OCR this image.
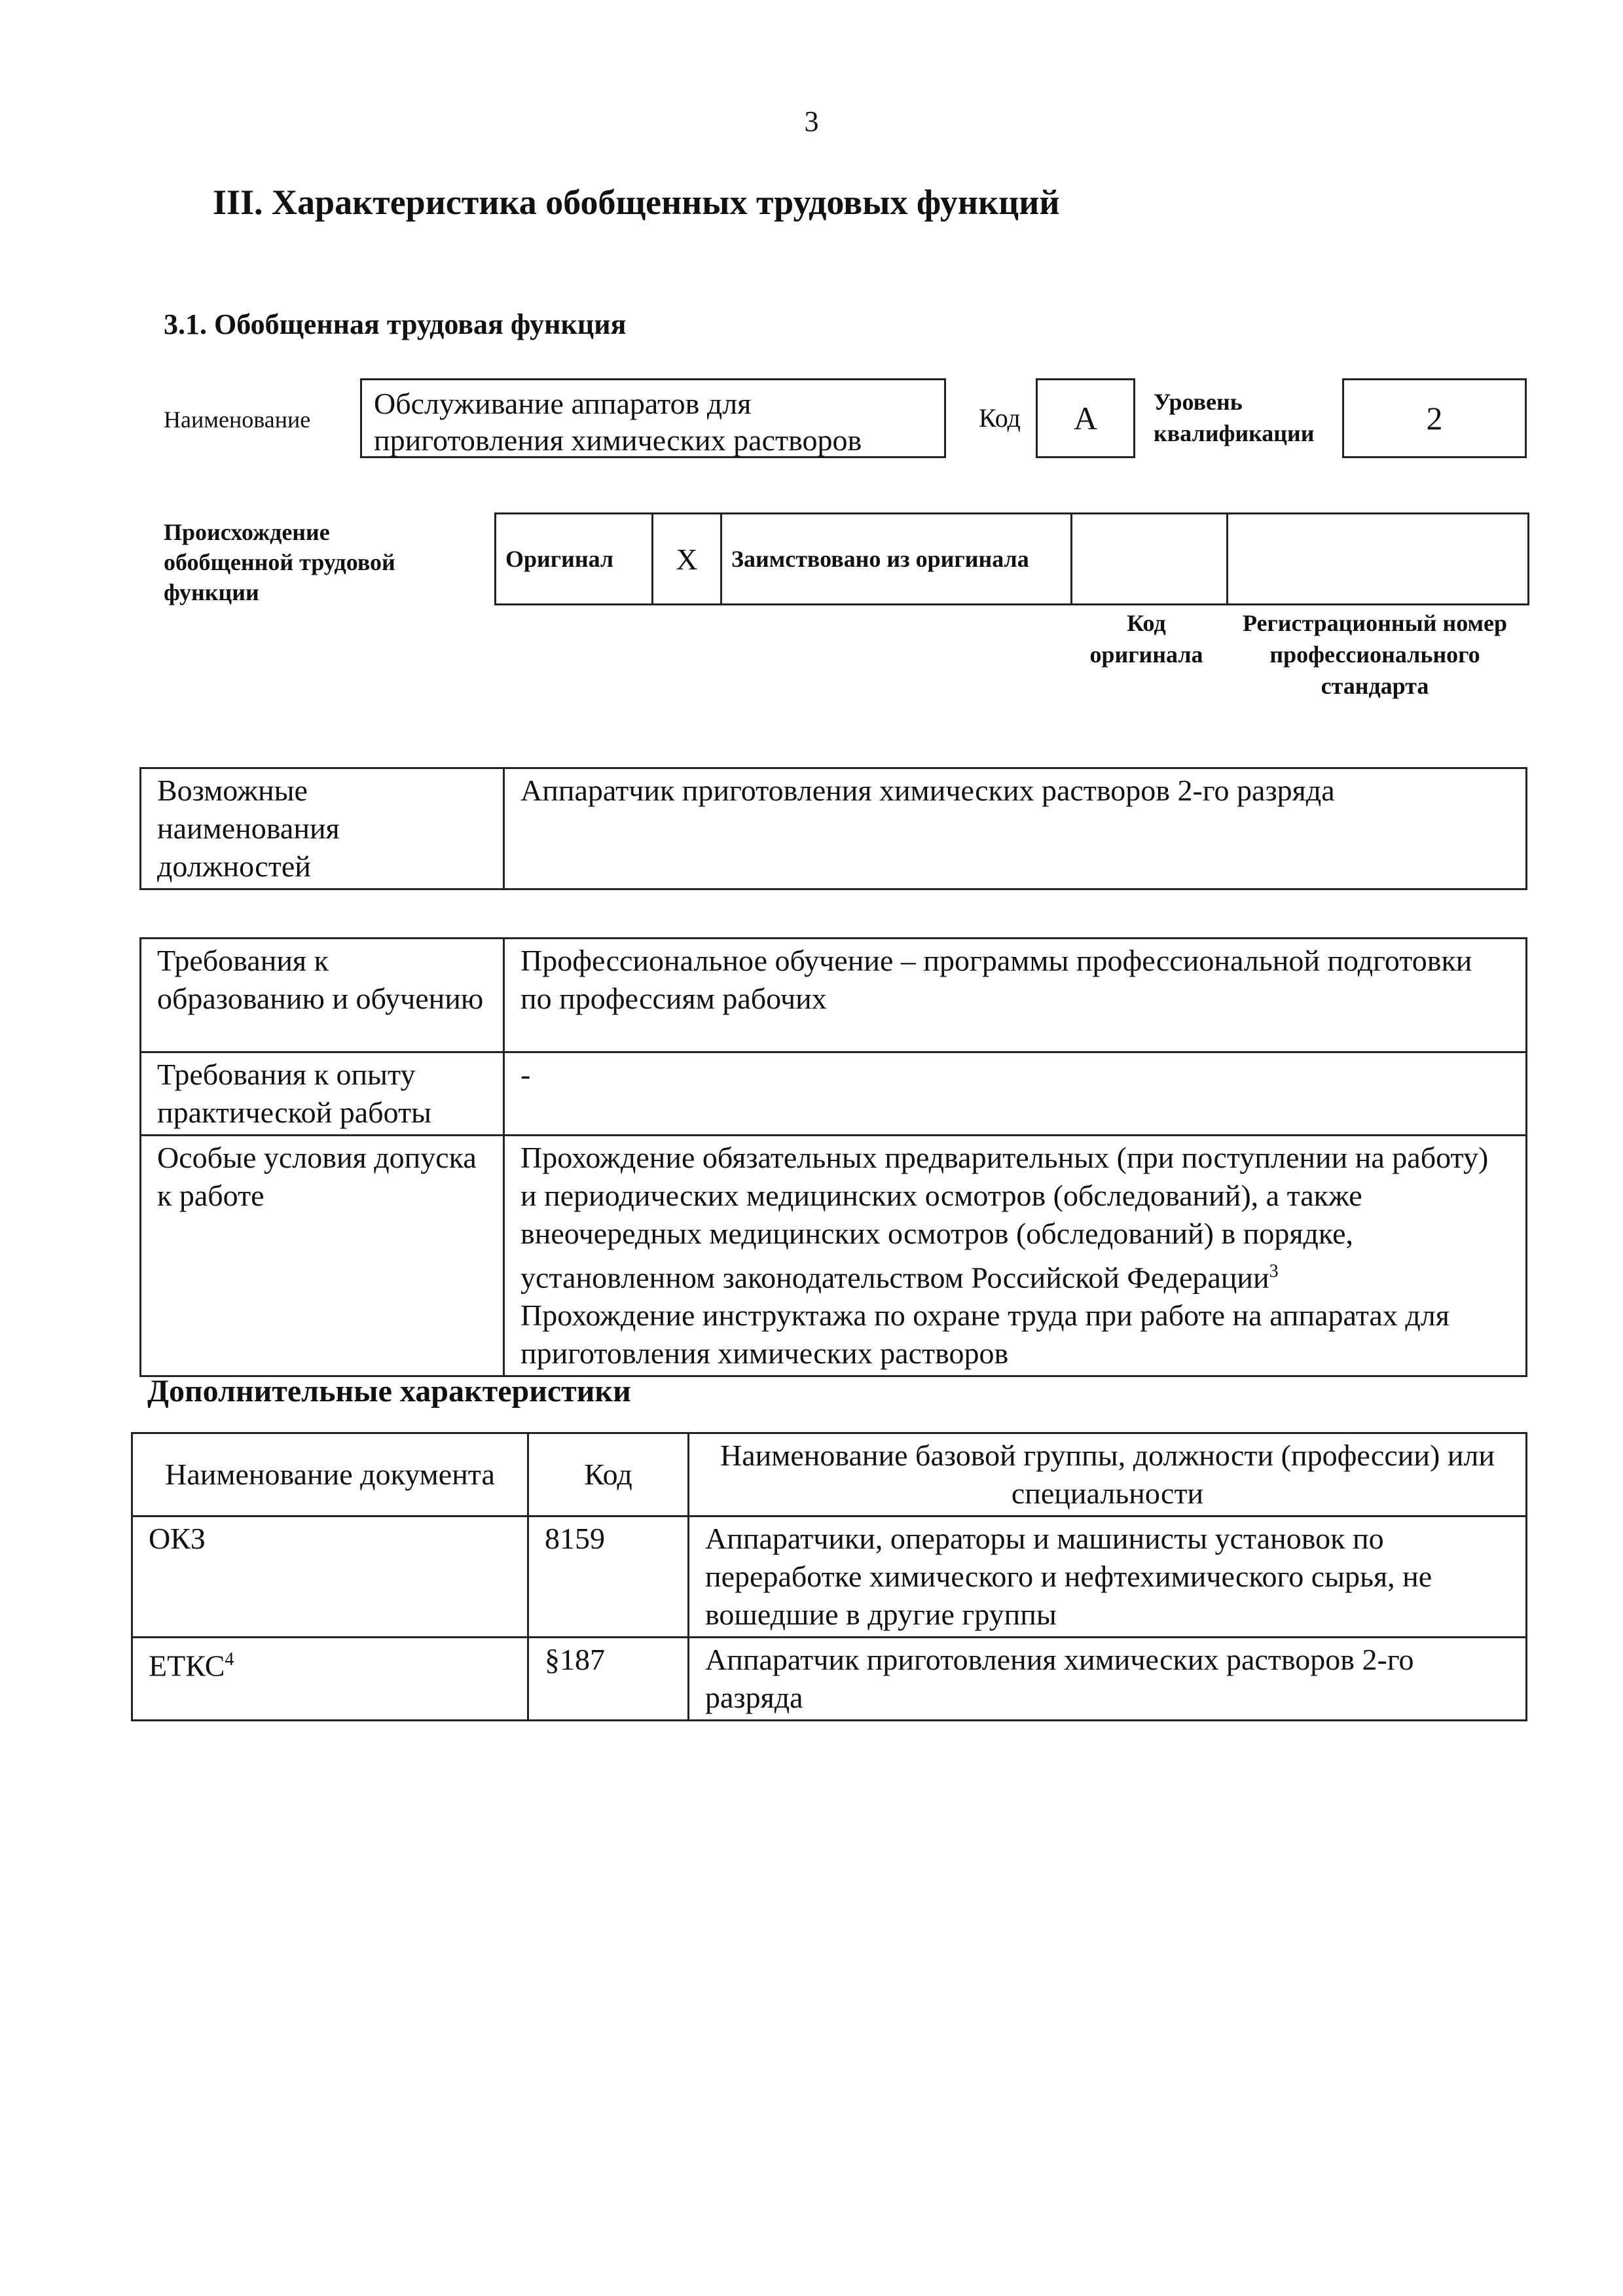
3
III. Характеристика обобщенных трудовых функций
3.1. Обобщенная трудовая функция
Наименование	Обслуживание аппаратов для приготовления химических растворов
Код А Уровень квалификации	2
Происхождение обобщенной трудовой функции
Оригинал	X	Заимствовано из оригинала		
Код оригинала
Регистрационный номер профессионального стандарта
Возможные наименования должностей	Аппаратчик приготовления химических растворов 2-го разряда
Требования к образованию и обучению	Профессиональное обучение – программы профессиональной подготовки по профессиям рабочих
Требования к опыту практической работы	-
Особые условия допуска к работе	Прохождение обязательных предварительных (при поступлении на работу) и периодических медицинских осмотров (обследований), а также внеочередных медицинских осмотров (обследований) в порядке, установленном законодательством Российской Федерации$^3$
Прохождение инструктажа по охране труда при работе на аппаратах для приготовления химических растворов
Дополнительные характеристики
Наименование документа	Код	Наименование базовой группы, должности (профессии) или специальности
ОКЗ	8159	Аппаратчики, операторы и машинисты установок по переработке химического и нефтехимического сырья, не вошедшие в другие группы
ЕТКС$^4$	§187	Аппаратчик приготовления химических растворов 2-го разряда
